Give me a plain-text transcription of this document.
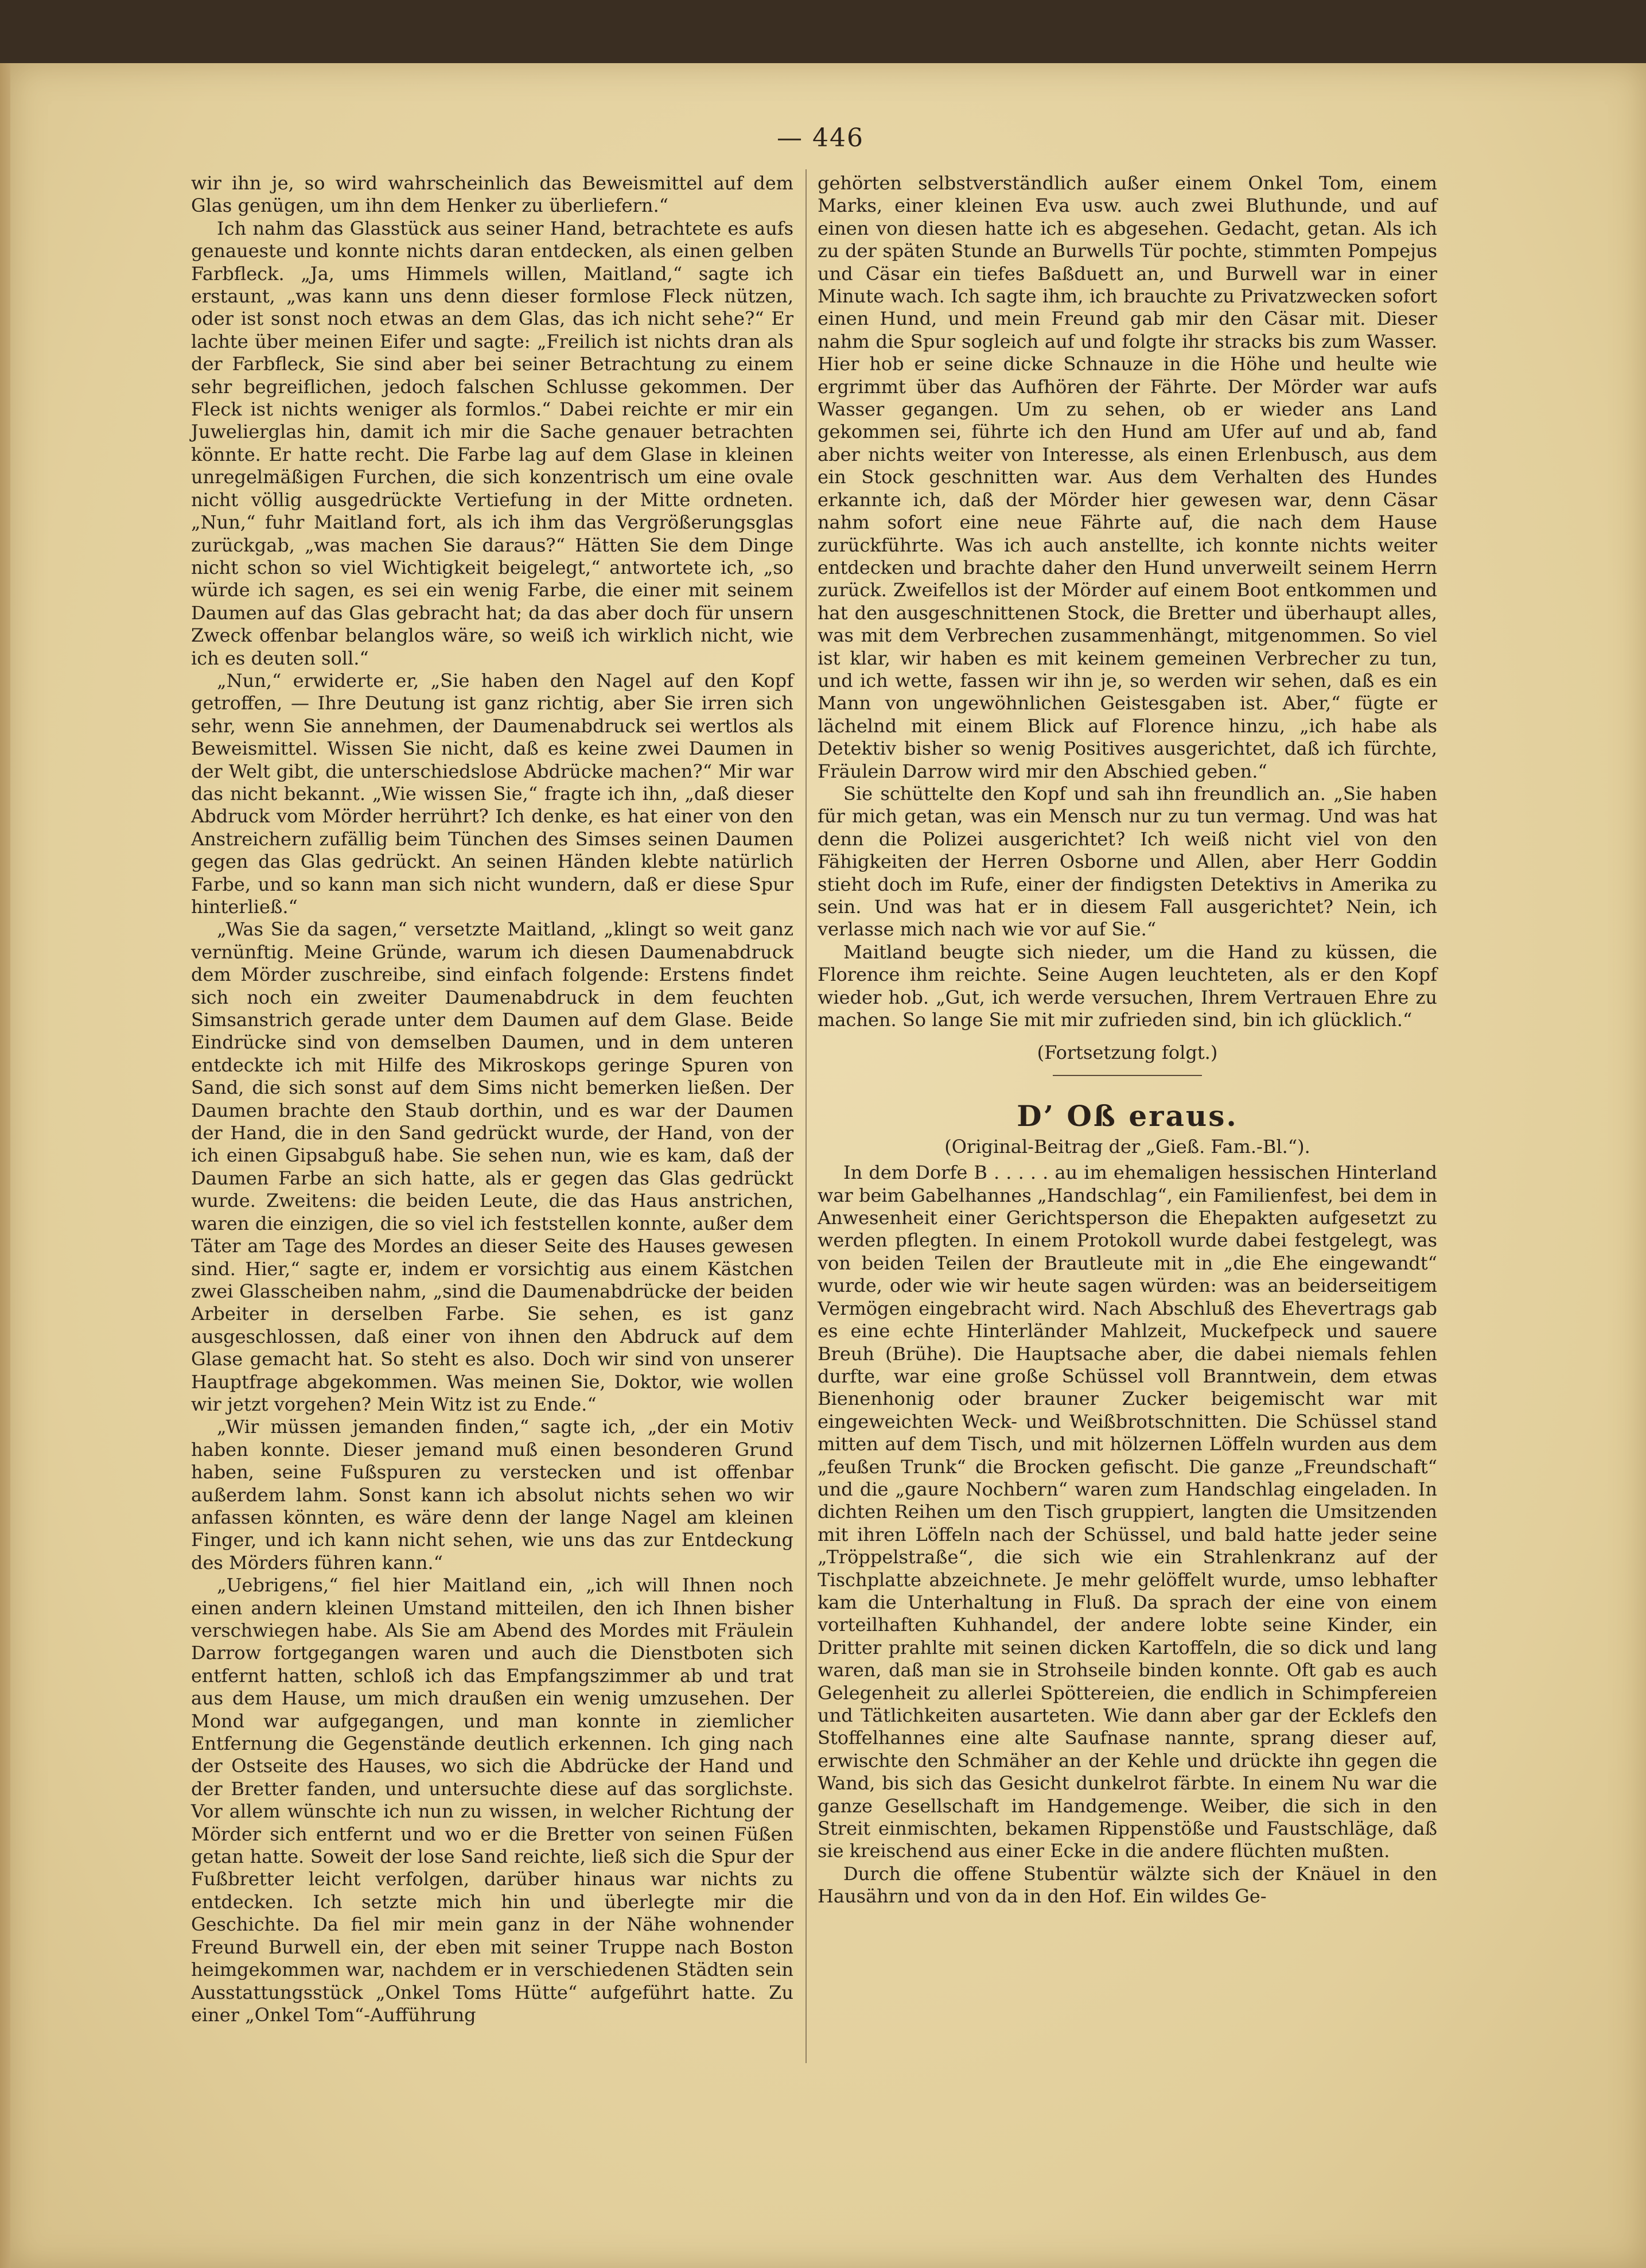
— 446

wir ihn je, so wird wahrscheinlich das Beweismittel auf dem Glas genügen, um ihn dem Henker zu überliefern.“

Ich nahm das Glasstück aus seiner Hand, betrachtete es aufs genaueste und konnte nichts daran entdecken, als einen gelben Farbfleck. „Ja, ums Himmels willen, Maitland,“ sagte ich erstaunt, „was kann uns denn dieser formlose Fleck nützen, oder ist sonst noch etwas an dem Glas, das ich nicht sehe?“ Er lachte über meinen Eifer und sagte: „Freilich ist nichts dran als der Farbfleck, Sie sind aber bei seiner Betrachtung zu einem sehr begreiflichen, jedoch falschen Schlusse gekommen. Der Fleck ist nichts weniger als formlos.“ Dabei reichte er mir ein Juwelierglas hin, damit ich mir die Sache genauer betrachten könnte. Er hatte recht. Die Farbe lag auf dem Glase in kleinen unregelmäßigen Furchen, die sich konzentrisch um eine ovale nicht völlig ausgedrückte Vertiefung in der Mitte ordneten. „Nun,“ fuhr Maitland fort, als ich ihm das Vergrößerungsglas zurückgab, „was machen Sie daraus?“ Hätten Sie dem Dinge nicht schon so viel Wichtigkeit beigelegt,“ antwortete ich, „so würde ich sagen, es sei ein wenig Farbe, die einer mit seinem Daumen auf das Glas gebracht hat; da das aber doch für unsern Zweck offenbar belanglos wäre, so weiß ich wirklich nicht, wie ich es deuten soll.“

„Nun,“ erwiderte er, „Sie haben den Nagel auf den Kopf getroffen, — Ihre Deutung ist ganz richtig, aber Sie irren sich sehr, wenn Sie annehmen, der Daumenabdruck sei wertlos als Beweismittel. Wissen Sie nicht, daß es keine zwei Daumen in der Welt gibt, die unterschiedslose Abdrücke machen?“ Mir war das nicht bekannt. „Wie wissen Sie,“ fragte ich ihn, „daß dieser Abdruck vom Mörder herrührt? Ich denke, es hat einer von den Anstreichern zufällig beim Tünchen des Simses seinen Daumen gegen das Glas gedrückt. An seinen Händen klebte natürlich Farbe, und so kann man sich nicht wundern, daß er diese Spur hinterließ.“

„Was Sie da sagen,“ versetzte Maitland, „klingt so weit ganz vernünftig. Meine Gründe, warum ich diesen Daumenabdruck dem Mörder zuschreibe, sind einfach folgende: Erstens findet sich noch ein zweiter Daumenabdruck in dem feuchten Simsanstrich gerade unter dem Daumen auf dem Glase. Beide Eindrücke sind von demselben Daumen, und in dem unteren entdeckte ich mit Hilfe des Mikroskops geringe Spuren von Sand, die sich sonst auf dem Sims nicht bemerken ließen. Der Daumen brachte den Staub dorthin, und es war der Daumen der Hand, die in den Sand gedrückt wurde, der Hand, von der ich einen Gipsabguß habe. Sie sehen nun, wie es kam, daß der Daumen Farbe an sich hatte, als er gegen das Glas gedrückt wurde. Zweitens: die beiden Leute, die das Haus anstrichen, waren die einzigen, die so viel ich feststellen konnte, außer dem Täter am Tage des Mordes an dieser Seite des Hauses gewesen sind. Hier,“ sagte er, indem er vorsichtig aus einem Kästchen zwei Glasscheiben nahm, „sind die Daumenabdrücke der beiden Arbeiter in derselben Farbe. Sie sehen, es ist ganz ausgeschlossen, daß einer von ihnen den Abdruck auf dem Glase gemacht hat. So steht es also. Doch wir sind von unserer Hauptfrage abgekommen. Was meinen Sie, Doktor, wie wollen wir jetzt vorgehen? Mein Witz ist zu Ende.“

„Wir müssen jemanden finden,“ sagte ich, „der ein Motiv haben konnte. Dieser jemand muß einen besonderen Grund haben, seine Fußspuren zu verstecken und ist offenbar außerdem lahm. Sonst kann ich absolut nichts sehen wo wir anfassen könnten, es wäre denn der lange Nagel am kleinen Finger, und ich kann nicht sehen, wie uns das zur Entdeckung des Mörders führen kann.“

„Uebrigens,“ fiel hier Maitland ein, „ich will Ihnen noch einen andern kleinen Umstand mitteilen, den ich Ihnen bisher verschwiegen habe. Als Sie am Abend des Mordes mit Fräulein Darrow fortgegangen waren und auch die Dienstboten sich entfernt hatten, schloß ich das Empfangszimmer ab und trat aus dem Hause, um mich draußen ein wenig umzusehen. Der Mond war aufgegangen, und man konnte in ziemlicher Entfernung die Gegenstände deutlich erkennen. Ich ging nach der Ostseite des Hauses, wo sich die Abdrücke der Hand und der Bretter fanden, und untersuchte diese auf das sorglichste. Vor allem wünschte ich nun zu wissen, in welcher Richtung der Mörder sich entfernt und wo er die Bretter von seinen Füßen getan hatte. Soweit der lose Sand reichte, ließ sich die Spur der Fußbretter leicht verfolgen, darüber hinaus war nichts zu entdecken. Ich setzte mich hin und überlegte mir die Geschichte. Da fiel mir mein ganz in der Nähe wohnender Freund Burwell ein, der eben mit seiner Truppe nach Boston heimgekommen war, nachdem er in verschiedenen Städten sein Ausstattungsstück „Onkel Toms Hütte“ aufgeführt hatte. Zu einer „Onkel Tom“-Aufführung

gehörten selbstverständlich außer einem Onkel Tom, einem Marks, einer kleinen Eva usw. auch zwei Bluthunde, und auf einen von diesen hatte ich es abgesehen. Gedacht, getan. Als ich zu der späten Stunde an Burwells Tür pochte, stimmten Pompejus und Cäsar ein tiefes Baßduett an, und Burwell war in einer Minute wach. Ich sagte ihm, ich brauchte zu Privatzwecken sofort einen Hund, und mein Freund gab mir den Cäsar mit. Dieser nahm die Spur sogleich auf und folgte ihr stracks bis zum Wasser. Hier hob er seine dicke Schnauze in die Höhe und heulte wie ergrimmt über das Aufhören der Fährte. Der Mörder war aufs Wasser gegangen. Um zu sehen, ob er wieder ans Land gekommen sei, führte ich den Hund am Ufer auf und ab, fand aber nichts weiter von Interesse, als einen Erlenbusch, aus dem ein Stock geschnitten war. Aus dem Verhalten des Hundes erkannte ich, daß der Mörder hier gewesen war, denn Cäsar nahm sofort eine neue Fährte auf, die nach dem Hause zurückführte. Was ich auch anstellte, ich konnte nichts weiter entdecken und brachte daher den Hund unverweilt seinem Herrn zurück. Zweifellos ist der Mörder auf einem Boot entkommen und hat den ausgeschnittenen Stock, die Bretter und überhaupt alles, was mit dem Verbrechen zusammenhängt, mitgenommen. So viel ist klar, wir haben es mit keinem gemeinen Verbrecher zu tun, und ich wette, fassen wir ihn je, so werden wir sehen, daß es ein Mann von ungewöhnlichen Geistesgaben ist. Aber,“ fügte er lächelnd mit einem Blick auf Florence hinzu, „ich habe als Detektiv bisher so wenig Positives ausgerichtet, daß ich fürchte, Fräulein Darrow wird mir den Abschied geben.“

Sie schüttelte den Kopf und sah ihn freundlich an. „Sie haben für mich getan, was ein Mensch nur zu tun vermag. Und was hat denn die Polizei ausgerichtet? Ich weiß nicht viel von den Fähigkeiten der Herren Osborne und Allen, aber Herr Goddin stieht doch im Rufe, einer der findigsten Detektivs in Amerika zu sein. Und was hat er in diesem Fall ausgerichtet? Nein, ich verlasse mich nach wie vor auf Sie.“

Maitland beugte sich nieder, um die Hand zu küssen, die Florence ihm reichte. Seine Augen leuchteten, als er den Kopf wieder hob. „Gut, ich werde versuchen, Ihrem Vertrauen Ehre zu machen. So lange Sie mit mir zufrieden sind, bin ich glücklich.“

(Fortsetzung folgt.)

D’ Oß eraus.

(Original-Beitrag der „Gieß. Fam.-Bl.“).

In dem Dorfe B . . . . . au im ehemaligen hessischen Hinterland war beim Gabelhannes „Handschlag“, ein Familienfest, bei dem in Anwesenheit einer Gerichtsperson die Ehepakten aufgesetzt zu werden pflegten. In einem Protokoll wurde dabei festgelegt, was von beiden Teilen der Brautleute mit in „die Ehe eingewandt“ wurde, oder wie wir heute sagen würden: was an beiderseitigem Vermögen eingebracht wird. Nach Abschluß des Ehevertrags gab es eine echte Hinterländer Mahlzeit, Muckefpeck und sauere Breuh (Brühe). Die Hauptsache aber, die dabei niemals fehlen durfte, war eine große Schüssel voll Branntwein, dem etwas Bienenhonig oder brauner Zucker beigemischt war mit eingeweichten Weck- und Weißbrotschnitten. Die Schüssel stand mitten auf dem Tisch, und mit hölzernen Löffeln wurden aus dem „feußen Trunk“ die Brocken gefischt. Die ganze „Freundschaft“ und die „gaure Nochbern“ waren zum Handschlag eingeladen. In dichten Reihen um den Tisch gruppiert, langten die Umsitzenden mit ihren Löffeln nach der Schüssel, und bald hatte jeder seine „Tröppelstraße“, die sich wie ein Strahlenkranz auf der Tischplatte abzeichnete. Je mehr gelöffelt wurde, umso lebhafter kam die Unterhaltung in Fluß. Da sprach der eine von einem vorteilhaften Kuhhandel, der andere lobte seine Kinder, ein Dritter prahlte mit seinen dicken Kartoffeln, die so dick und lang waren, daß man sie in Strohseile binden konnte. Oft gab es auch Gelegenheit zu allerlei Spöttereien, die endlich in Schimpfereien und Tätlichkeiten ausarteten. Wie dann aber gar der Ecklefs den Stoffelhannes eine alte Saufnase nannte, sprang dieser auf, erwischte den Schmäher an der Kehle und drückte ihn gegen die Wand, bis sich das Gesicht dunkelrot färbte. In einem Nu war die ganze Gesellschaft im Handgemenge. Weiber, die sich in den Streit einmischten, bekamen Rippenstöße und Faustschläge, daß sie kreischend aus einer Ecke in die andere flüchten mußten.

Durch die offene Stubentür wälzte sich der Knäuel in den Hausährn und von da in den Hof. Ein wildes Ge-
